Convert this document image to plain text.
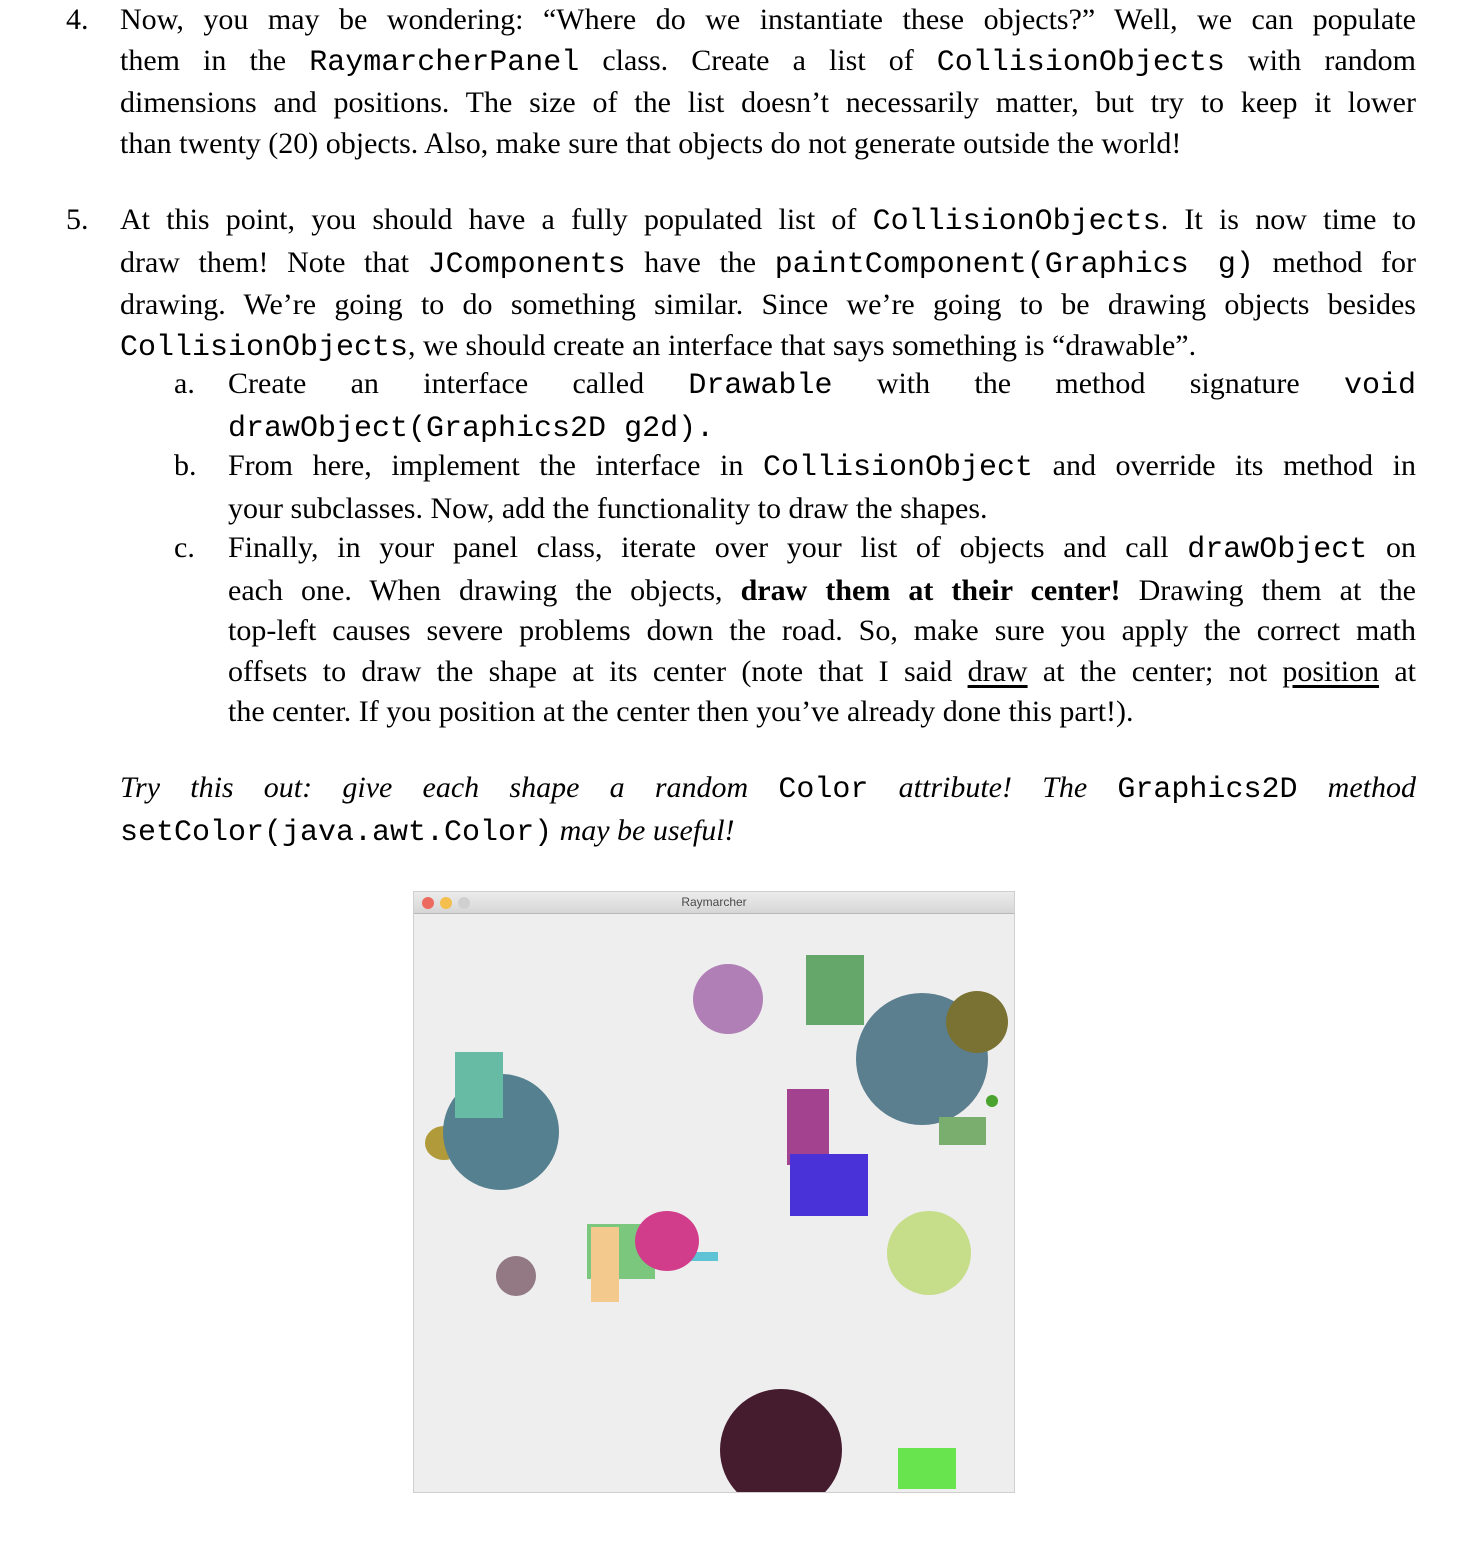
4. Now, you may be wondering: “Where do we instantiate these objects?” Well, we can populate
them in the RaymarcherPanel class. Create a list of CollisionObjects with random
dimensions and positions. The size of the list doesn’t necessarily matter, but try to keep it lower
than twenty (20) objects. Also, make sure that objects do not generate outside the world!
5. At this point, you should have a fully populated list of CollisionObjects. It is now time to
draw them! Note that JComponents have the paintComponent(Graphics g) method for
drawing. We’re going to do something similar. Since we’re going to be drawing objects besides
CollisionObjects, we should create an interface that says something is “drawable”.
a. Create an interface called Drawable with the method signature void
drawObject(Graphics2D g2d).
b. From here, implement the interface in CollisionObject and override its method in
your subclasses. Now, add the functionality to draw the shapes.
c. Finally, in your panel class, iterate over your list of objects and call drawObject on
each one. When drawing the objects, draw them at their center! Drawing them at the
top-left causes severe problems down the road. So, make sure you apply the correct math
offsets to draw the shape at its center (note that I said draw at the center; not position at
the center. If you position at the center then you’ve already done this part!).
Try this out: give each shape a random Color attribute! The Graphics2D method
setColor(java.awt.Color) may be useful!
Raymarcher
